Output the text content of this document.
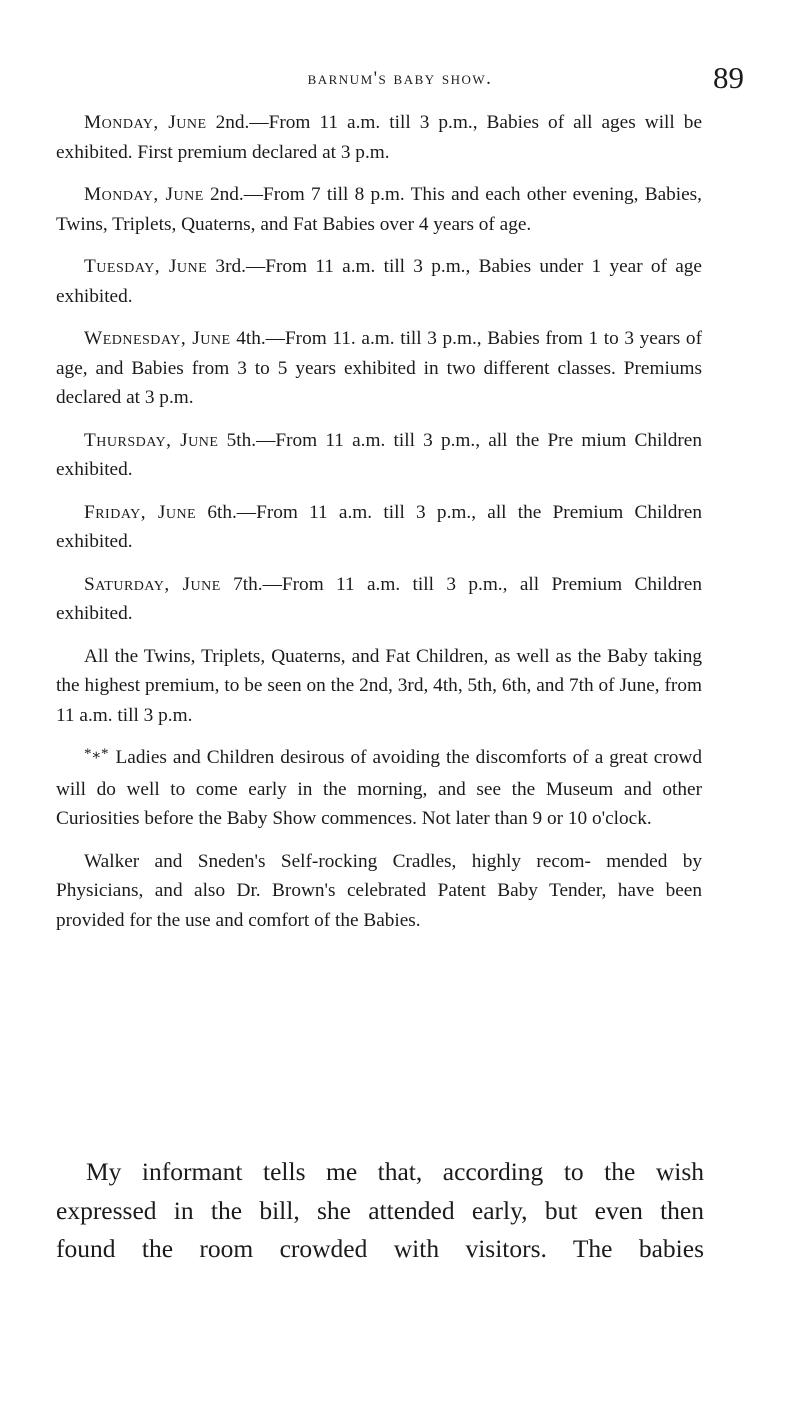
barnum's baby show.	89

Monday, June 2nd.—From 11 a.m. till 3 p.m., Babies of all ages will be exhibited. First premium declared at 3 p.m.

Monday, June 2nd.—From 7 till 8 p.m. This and each other evening, Babies, Twins, Triplets, Quaterns, and Fat Babies over 4 years of age.

Tuesday, June 3rd.—From 11 a.m. till 3 p.m., Babies under 1 year of age exhibited.

Wednesday, June 4th.—From 11. a.m. till 3 p.m., Babies from 1 to 3 years of age, and Babies from 3 to 5 years exhibited in two different classes. Premiums declared at 3 p.m.

Thursday, June 5th.—From 11 a.m. till 3 p.m., all the Pre mium Children exhibited.

Friday, June 6th.—From 11 a.m. till 3 p.m., all the Premium Children exhibited.

Saturday, June 7th.—From 11 a.m. till 3 p.m., all Premium Children exhibited.

All the Twins, Triplets, Quaterns, and Fat Children, as well as the Baby taking the highest premium, to be seen on the 2nd, 3rd, 4th, 5th, 6th, and 7th of June, from 11 a.m. till 3 p.m.

*⁎* Ladies and Children desirous of avoiding the discomforts of a great crowd will do well to come early in the morning, and see the Museum and other Curiosities before the Baby Show commences. Not later than 9 or 10 o'clock.

Walker and Sneden's Self-rocking Cradles, highly recom- mended by Physicians, and also Dr. Brown's celebrated Patent Baby Tender, have been provided for the use and comfort of the Babies.

My informant tells me that, according to the wish
expressed in the bill, she attended early, but even then
found the room crowded with visitors. The babies
